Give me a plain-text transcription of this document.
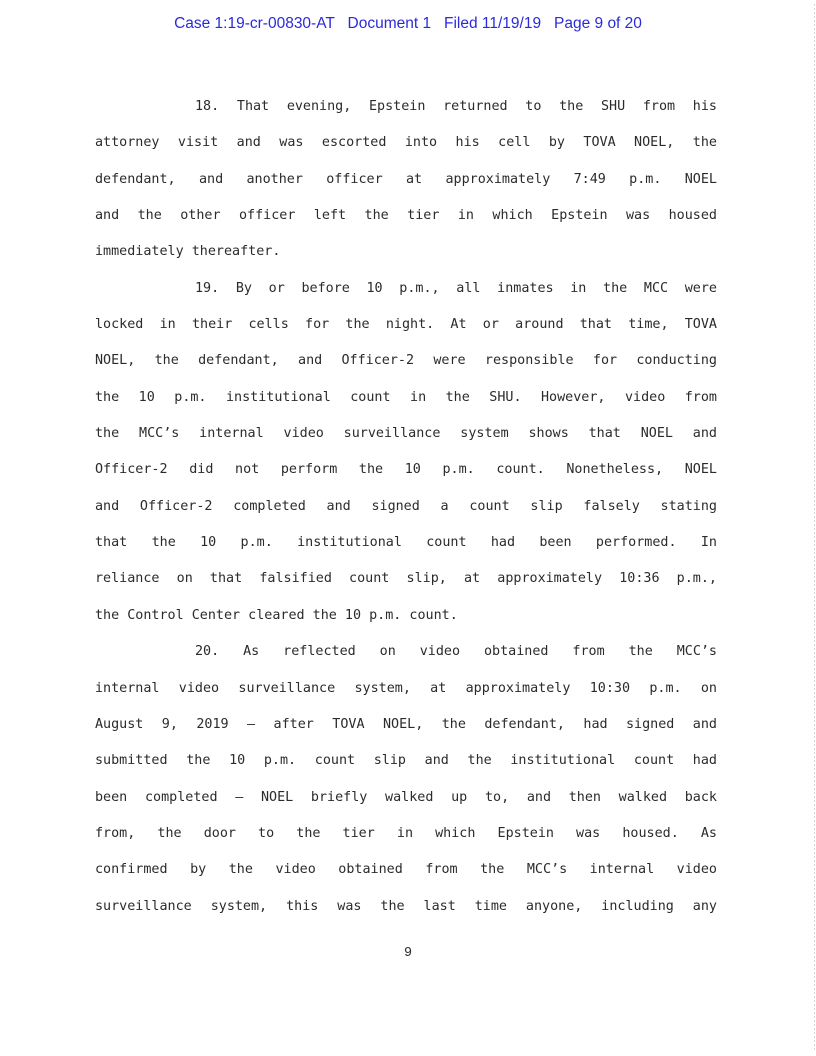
Case 1:19-cr-00830-AT   Document 1   Filed 11/19/19   Page 9 of 20
18. That evening, Epstein returned to the SHU from his
attorney visit and was escorted into his cell by TOVA NOEL, the
defendant, and another officer at approximately 7:49 p.m. NOEL
and the other officer left the tier in which Epstein was housed
immediately thereafter.
19. By or before 10 p.m., all inmates in the MCC were
locked in their cells for the night. At or around that time, TOVA
NOEL, the defendant, and Officer-2 were responsible for conducting
the 10 p.m. institutional count in the SHU. However, video from
the MCC’s internal video surveillance system shows that NOEL and
Officer-2 did not perform the 10 p.m. count. Nonetheless, NOEL
and Officer-2 completed and signed a count slip falsely stating
that the 10 p.m. institutional count had been performed. In
reliance on that falsified count slip, at approximately 10:36 p.m.,
the Control Center cleared the 10 p.m. count.
20. As reflected on video obtained from the MCC’s
internal video surveillance system, at approximately 10:30 p.m. on
August 9, 2019 – after TOVA NOEL, the defendant, had signed and
submitted the 10 p.m. count slip and the institutional count had
been completed – NOEL briefly walked up to, and then walked back
from, the door to the tier in which Epstein was housed. As
confirmed by the video obtained from the MCC’s internal video
surveillance system, this was the last time anyone, including any
9
